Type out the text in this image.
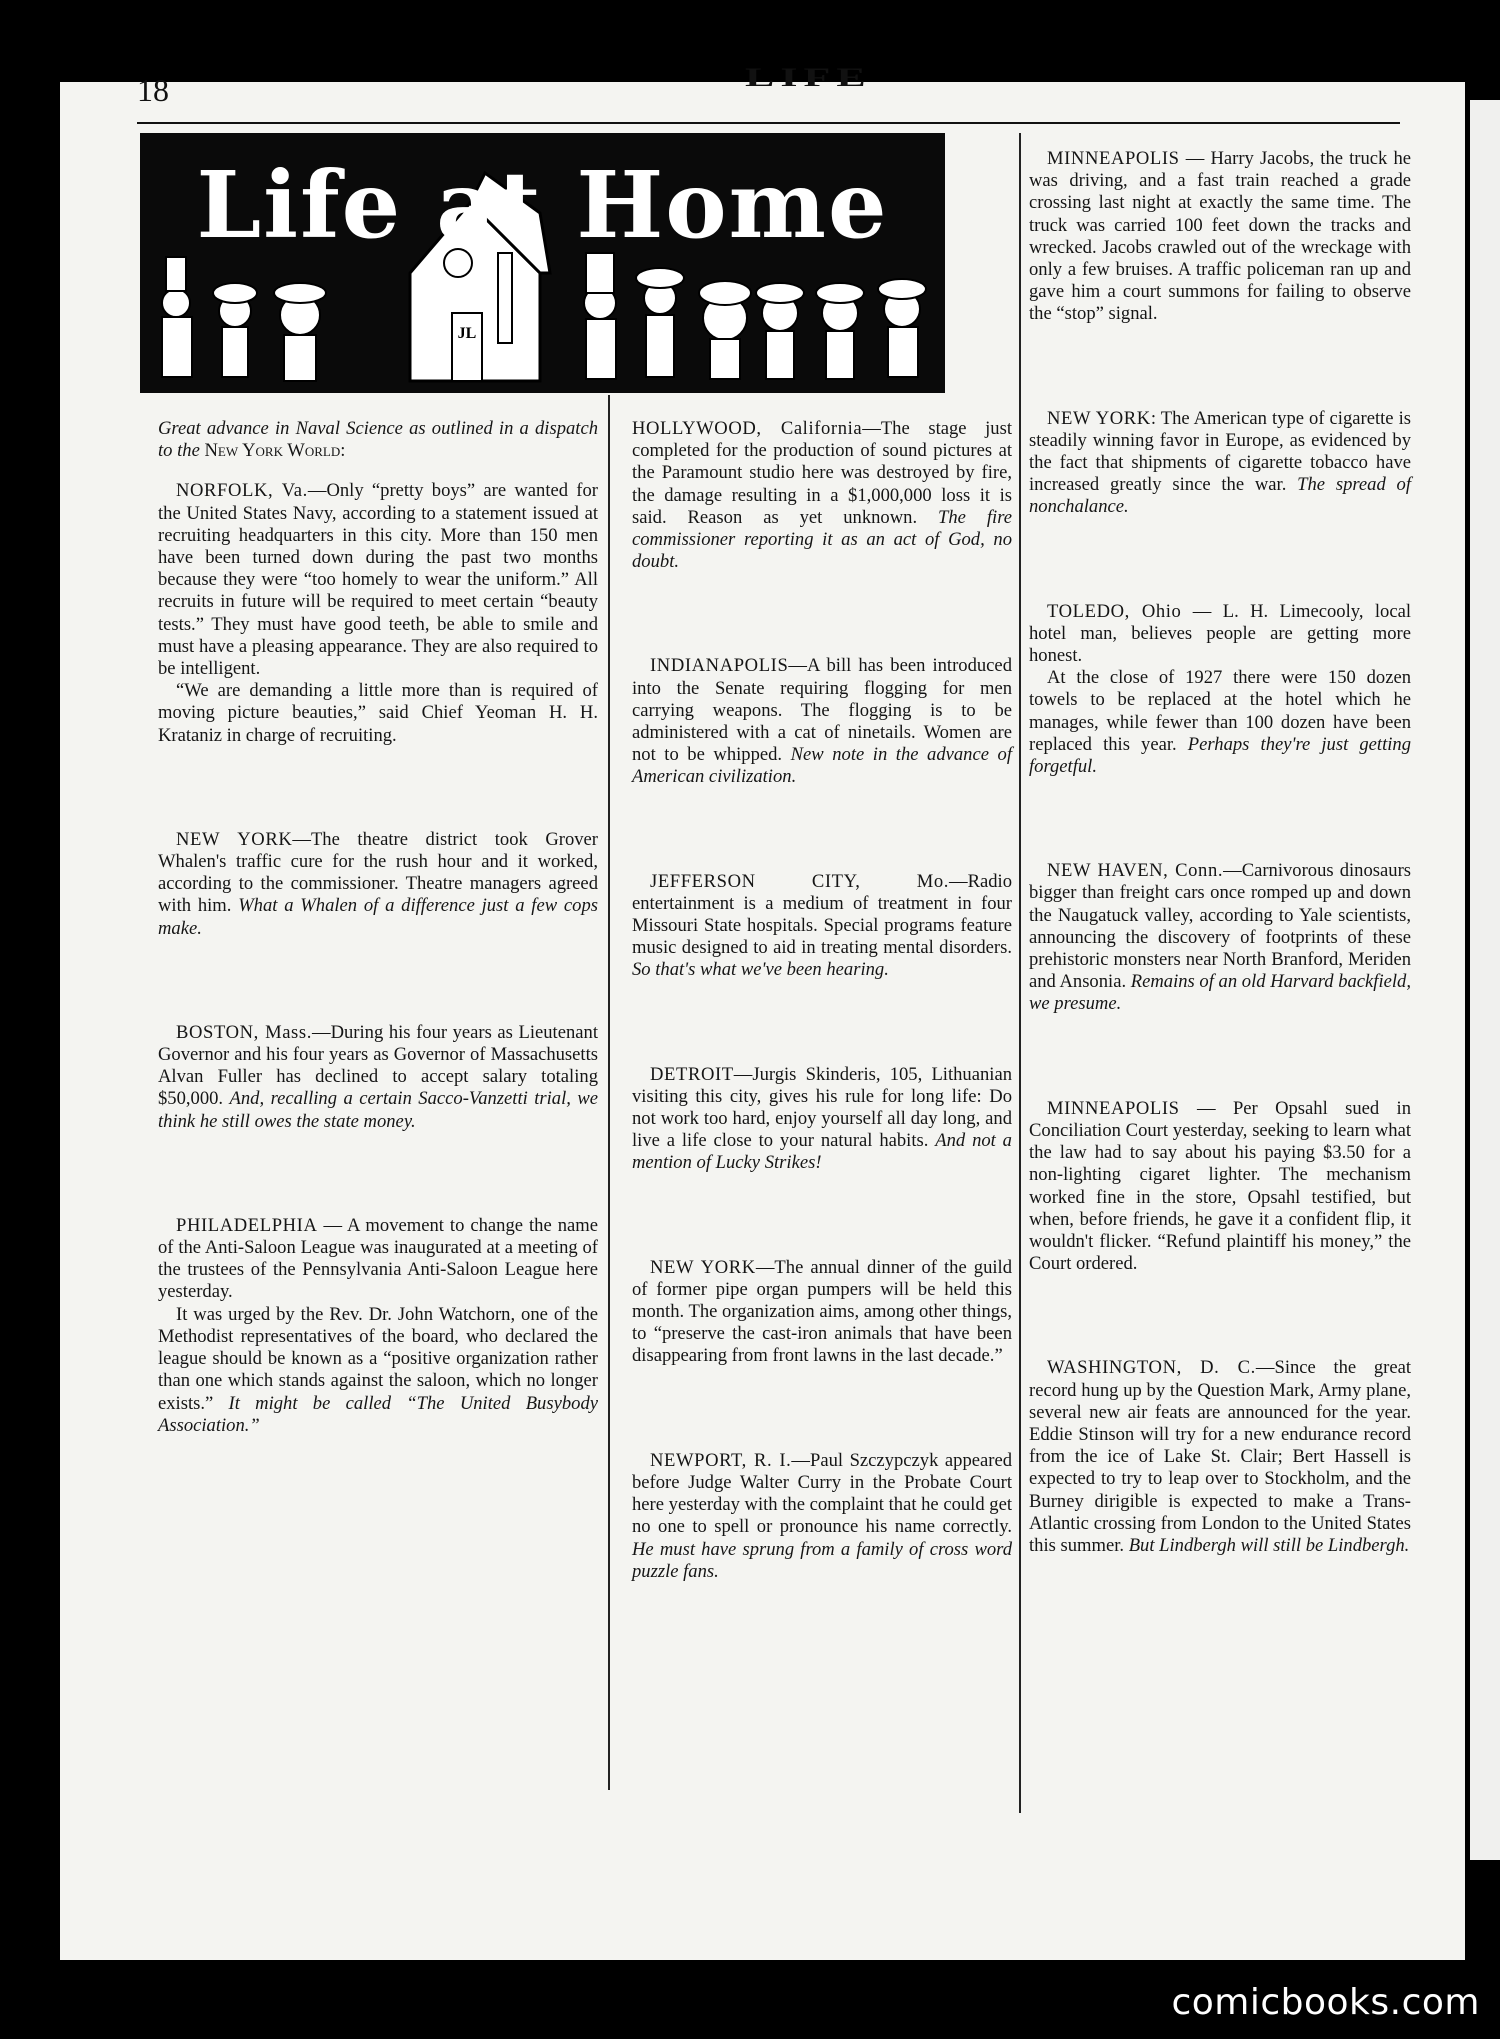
18	LIFE
JL
Life at Home

Great advance in Naval Science as outlined in a dispatch to the New York World:

NORFOLK, Va.—Only “pretty boys” are wanted for the United States Navy, according to a statement issued at recruiting headquarters in this city. More than 150 men have been turned down during the past two months because they were “too homely to wear the uniform.” All recruits in future will be required to meet certain “beauty tests.” They must have good teeth, be able to smile and must have a pleasing appearance. They are also required to be intelligent.

“We are demanding a little more than is required of moving picture beauties,” said Chief Yeoman H. H. Krataniz in charge of recruiting.

NEW YORK—The theatre district took Grover Whalen's traffic cure for the rush hour and it worked, according to the commissioner. Theatre managers agreed with him. What a Whalen of a difference just a few cops make.

BOSTON, Mass.—During his four years as Lieutenant Governor and his four years as Governor of Massachusetts Alvan Fuller has declined to accept salary totaling $50,000. And, recalling a certain Sacco-Vanzetti trial, we think he still owes the state money.

PHILADELPHIA — A movement to change the name of the Anti-Saloon League was inaugurated at a meeting of the trustees of the Pennsylvania Anti-Saloon League here yesterday.

It was urged by the Rev. Dr. John Watchorn, one of the Methodist representatives of the board, who declared the league should be known as a “positive organization rather than one which stands against the saloon, which no longer exists.” It might be called “The United Busybody Association.”

HOLLYWOOD, California—The stage just completed for the production of sound pictures at the Paramount studio here was destroyed by fire, the damage resulting in a $1,000,000 loss it is said. Reason as yet unknown. The fire commissioner reporting it as an act of God, no doubt.

INDIANAPOLIS—A bill has been introduced into the Senate requiring flogging for men carrying weapons. The flogging is to be administered with a cat of ninetails. Women are not to be whipped. New note in the advance of American civilization.

JEFFERSON CITY, Mo.—Radio entertainment is a medium of treatment in four Missouri State hospitals. Special programs feature music designed to aid in treating mental disorders. So that's what we've been hearing.

DETROIT—Jurgis Skinderis, 105, Lithuanian visiting this city, gives his rule for long life: Do not work too hard, enjoy yourself all day long, and live a life close to your natural habits. And not a mention of Lucky Strikes!

NEW YORK—The annual dinner of the guild of former pipe organ pumpers will be held this month. The organization aims, among other things, to “preserve the cast-iron animals that have been disappearing from front lawns in the last decade.”

NEWPORT, R. I.—Paul Szczypczyk appeared before Judge Walter Curry in the Probate Court here yesterday with the complaint that he could get no one to spell or pronounce his name correctly. He must have sprung from a family of cross word puzzle fans.

MINNEAPOLIS — Harry Jacobs, the truck he was driving, and a fast train reached a grade crossing last night at exactly the same time. The truck was carried 100 feet down the tracks and wrecked. Jacobs crawled out of the wreckage with only a few bruises. A traffic policeman ran up and gave him a court summons for failing to observe the “stop” signal.

NEW YORK: The American type of cigarette is steadily winning favor in Europe, as evidenced by the fact that shipments of cigarette tobacco have increased greatly since the war. The spread of nonchalance.

TOLEDO, Ohio — L. H. Limecooly, local hotel man, believes people are getting more honest.

At the close of 1927 there were 150 dozen towels to be replaced at the hotel which he manages, while fewer than 100 dozen have been replaced this year. Perhaps they're just getting forgetful.

NEW HAVEN, Conn.—Carnivorous dinosaurs bigger than freight cars once romped up and down the Naugatuck valley, according to Yale scientists, announcing the discovery of footprints of these prehistoric monsters near North Branford, Meriden and Ansonia. Remains of an old Harvard backfield, we presume.

MINNEAPOLIS — Per Opsahl sued in Conciliation Court yesterday, seeking to learn what the law had to say about his paying $3.50 for a non-lighting cigaret lighter. The mechanism worked fine in the store, Opsahl testified, but when, before friends, he gave it a confident flip, it wouldn't flicker. “Refund plaintiff his money,” the Court ordered.

WASHINGTON, D. C.—Since the great record hung up by the Question Mark, Army plane, several new air feats are announced for the year. Eddie Stinson will try for a new endurance record from the ice of Lake St. Clair; Bert Hassell is expected to try to leap over to Stockholm, and the Burney dirigible is expected to make a Trans-Atlantic crossing from London to the United States this summer. But Lindbergh will still be Lindbergh.

comicbooks.com
